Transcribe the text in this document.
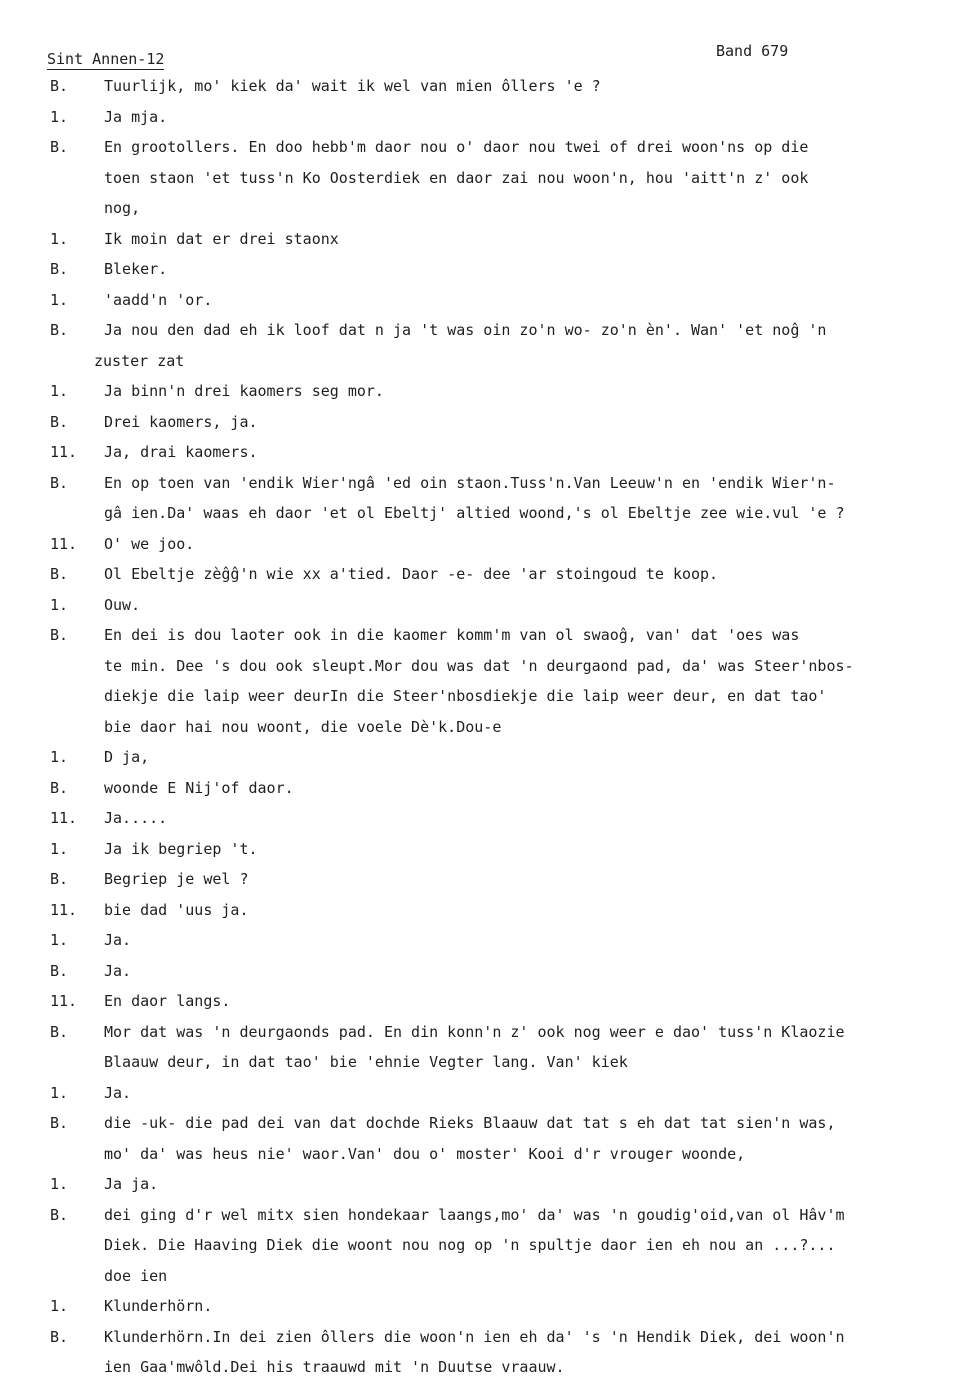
Sint Annen-12	Band 679
B. Tuurlijk, mo' kiek da' wait ik wel van mien ôllers 'e ?
1. Ja mja.
B. En grootollers. En doo hebb'm daor nou o' daor nou twei of drei woon'ns op die
toen staon 'et tuss'n Ko Oosterdiek en daor zai nou woon'n, hou 'aitt'n z' ook
nog,
1. Ik moin dat er drei staonx
B. Bleker.
1. 'aadd'n 'or.
B. Ja nou den dad eh ik loof dat n ja 't was oin zo'n wo- zo'n èn'. Wan' 'et noĝ 'n
zuster zat
1. Ja binn'n drei kaomers seg mor.
B. Drei kaomers, ja.
11. Ja, drai kaomers.
B. En op toen van 'endik Wier'ngâ 'ed oin staon.Tuss'n.Van Leeuw'n en 'endik Wier'n-
gâ ien.Da' waas eh daor 'et ol Ebeltj' altied woond,'s ol Ebeltje zee wie.vul 'e ?
11. O' we joo.
B. Ol Ebeltje zèĝĝ'n wie xx a'tied. Daor -e- dee 'ar stoingoud te koop.
1. Ouw.
B. En dei is dou laoter ook in die kaomer komm'm van ol swaoĝ, van' dat 'oes was
te min. Dee 's dou ook sleupt.Mor dou was dat 'n deurgaond pad, da' was Steer'nbos-
diekje die laip weer deurIn die Steer'nbosdiekje die laip weer deur, en dat tao'
bie daor hai nou woont, die voele Dè'k.Dou-e
1. D ja,
B. woonde E Nij'of daor.
11. Ja.....
1. Ja ik begriep 't.
B. Begriep je wel ?
11. bie dad 'uus ja.
1. Ja.
B. Ja.
11. En daor langs.
B. Mor dat was 'n deurgaonds pad. En din konn'n z' ook nog weer e dao' tuss'n Klaozie
Blaauw deur, in dat tao' bie 'ehnie Vegter lang. Van' kiek
1. Ja.
B. die -uk- die pad dei van dat dochde Rieks Blaauw dat tat s eh dat tat sien'n was,
mo' da' was heus nie' waor.Van' dou o' moster' Kooi d'r vrouger woonde,
1. Ja ja.
B. dei ging d'r wel mitx sien hondekaar laangs,mo' da' was 'n goudig'oid,van ol Hâv'm
Diek. Die Haaving Diek die woont nou nog op 'n spultje daor ien eh nou an ...?...
doe ien
1. Klunderhörn.
B. Klunderhörn.In dei zien ôllers die woon'n ien eh da' 's 'n Hendik Diek, dei woon'n
ien Gaa'mwôld.Dei his traauwd mit 'n Duutse vraauw.
